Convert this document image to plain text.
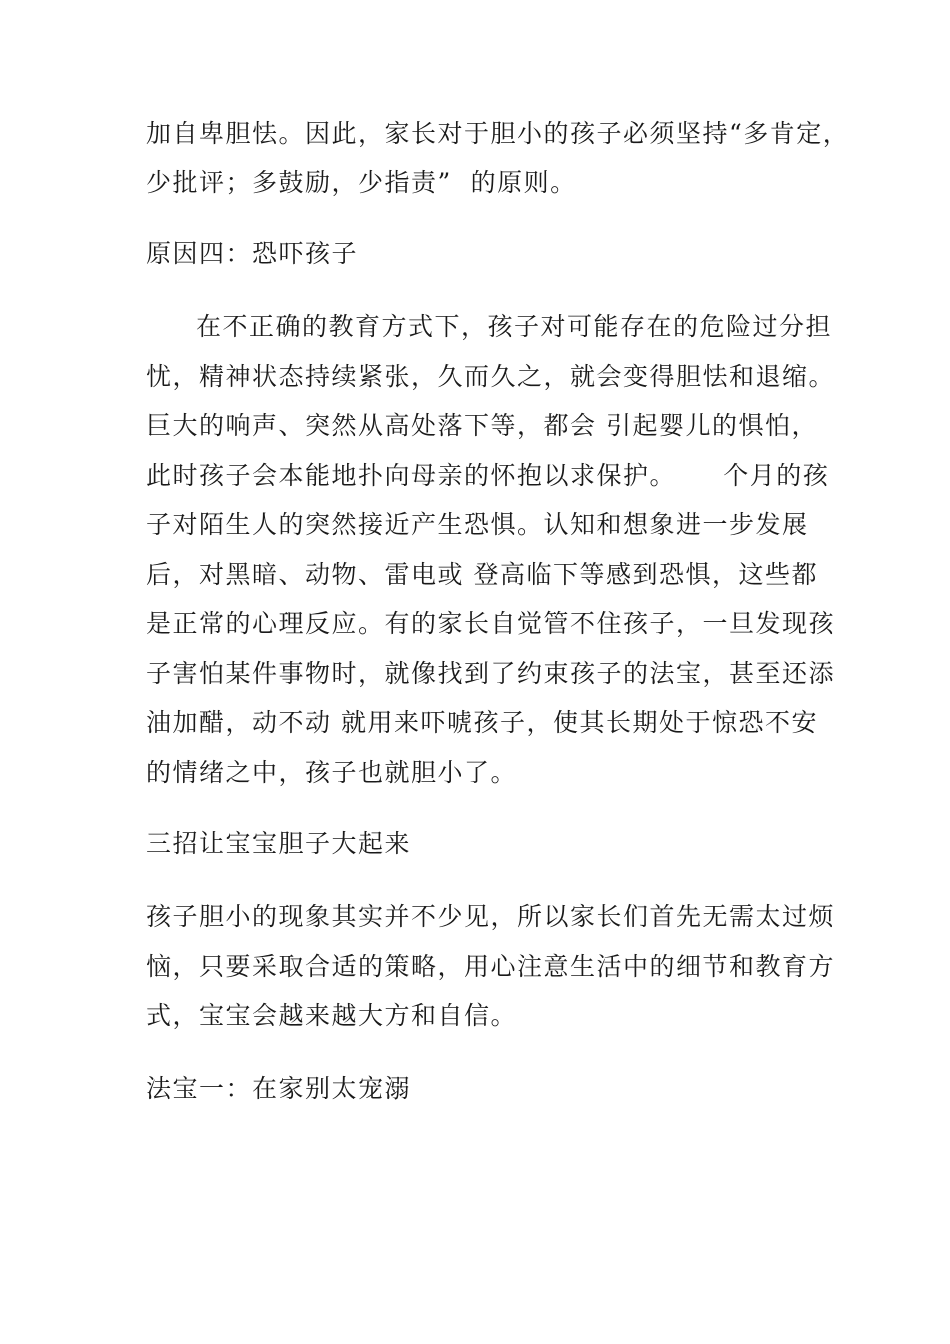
加自卑胆怯。因此，家长对于胆小的孩子必须坚持“多肯定，
少批评；多鼓励，少指责”  的原则。
原因四：恐吓孩子
在不正确的教育方式下，孩子对可能存在的危险过分担
忧，精神状态持续紧张，久而久之，就会变得胆怯和退缩。
巨大的响声、突然从高处落下等，都会 引起婴儿的惧怕，
此时孩子会本能地扑向母亲的怀抱以求保护。     个月的孩
子对陌生人的突然接近产生恐惧。认知和想象进一步发展
后，对黑暗、动物、雷电或 登高临下等感到恐惧，这些都
是正常的心理反应。有的家长自觉管不住孩子，一旦发现孩
子害怕某件事物时，就像找到了约束孩子的法宝，甚至还添
油加醋，动不动 就用来吓唬孩子，使其长期处于惊恐不安
的情绪之中，孩子也就胆小了。
三招让宝宝胆子大起来
孩子胆小的现象其实并不少见，所以家长们首先无需太过烦
恼，只要采取合适的策略，用心注意生活中的细节和教育方
式，宝宝会越来越大方和自信。
法宝一：在家别太宠溺
